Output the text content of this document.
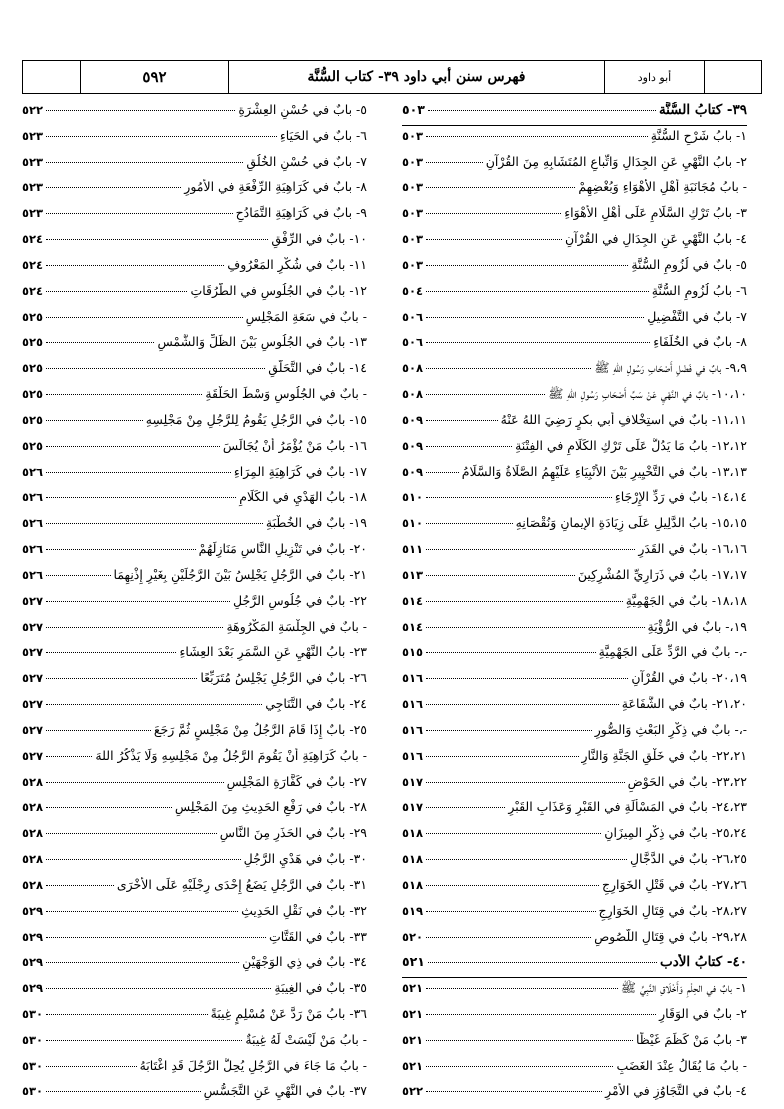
٥٩٢	فهرس سنن أبي داود ٣٩- كتاب السُّنَّة	أبو داود
٣٩- كتابُ السُّنَّة
٥٠٣
١- بابُ شَرْحِ السُّنَّةِ
٥٠٣
٢- بابُ النَّهْيِ عَنِ الجِدَالِ وَاتِّباعِ المُتَشَابِهِ مِنَ القُرْآنِ
٥٠٣
- بابُ مُجَانَبَةِ أَهْلِ الأَهْوَاءِ وَبُغْضِهِمْ
٥٠٣
٣- بابُ تَرْكِ السَّلَامِ عَلَى أَهْلِ الأَهْوَاءِ
٥٠٣
٤- بابُ النَّهْيِ عَنِ الجِدَالِ في القُرْآنِ
٥٠٣
٥- بابٌ في لُزُومِ السُّنَّةِ
٥٠٣
٦- بابُ لُزُومِ السُّنَّةِ
٥٠٤
٧- بابٌ في التَّفْضِيلِ
٥٠٦
٨- بابٌ في الخُلَفَاءِ
٥٠٦
٩،٩- بابٌ في فَضْلِ أَصْحَابِ رَسُولِ اللهِ ﷺ
٥٠٨
١٠،١٠- بابٌ في النَّهْيِ عَنْ سَبِّ أَصْحَابِ رَسُولِ اللهِ ﷺ
٥٠٨
١١،١١- بابٌ في استِخْلافِ أبي بكرٍ رَضِيَ اللهُ عَنْهُ
٥٠٩
١٢،١٢- بابُ مَا يَدُلُّ عَلَى تَرْكِ الكَلَامِ في الفِتْنَةِ
٥٠٩
١٣،١٣- بابٌ في التَّخْيِيرِ بَيْنَ الأَنْبِيَاءِ عَلَيْهِمُ الصَّلَاةُ وَالسَّلَامُ
٥٠٩
١٤،١٤- بابٌ في رَدِّ الإِرْجَاءِ
٥١٠
١٥،١٥- بابُ الدَّلِيلِ عَلَى زِيَادَةِ الإيمانِ وَنُقْصَانِهِ
٥١٠
١٦،١٦- بابٌ في القَدَرِ
٥١١
١٧،١٧- بابٌ في ذَرَارِيِّ المُشْرِكِينَ
٥١٣
١٨،١٨- بابٌ في الجَهْمِيَّةِ
٥١٤
١٩،- بابٌ في الرُّؤْيَةِ
٥١٤
-،- بابٌ في الرَّدِّ عَلَى الجَهْمِيَّةِ
٥١٥
٢٠،١٩- بابٌ في القُرْآنِ
٥١٦
٢١،٢٠- بابٌ في الشَّفَاعَةِ
٥١٦
-،- بابٌ في ذِكْرِ البَعْثِ وَالصُّورِ
٥١٦
٢٢،٢١- بابٌ في خَلْقِ الجَنَّةِ وَالنَّارِ
٥١٦
٢٣،٢٢- بابٌ في الحَوْضِ
٥١٧
٢٤،٢٣- بابٌ في المَسْأَلَةِ في القَبْرِ وَعَذَابِ القَبْرِ
٥١٧
٢٥،٢٤- بابٌ في ذِكْرِ المِيزَانِ
٥١٨
٢٦،٢٥- بابٌ في الدَّجَّالِ
٥١٨
٢٧،٢٦- بابٌ في قَتْلِ الخَوَارِجِ
٥١٨
٢٨،٢٧- بابٌ في قِتَالِ الخَوَارِجِ
٥١٩
٢٩،٢٨- بابٌ في قِتَالِ اللُّصُوصِ
٥٢٠
٤٠- كتابُ الأدب
٥٢١
١- بابٌ في الحِلْمِ وَأَخْلَاقِ النَّبِيِّ ﷺ
٥٢١
٢- بابٌ في الوَقَارِ
٥٢١
٣- بابُ مَنْ كَظَمَ غَيْظًا
٥٢١
- بابُ مَا يُقَالُ عِنْدَ الغَضَبِ
٥٢١
٤- بابٌ في التَّجَاوُزِ في الأَمْرِ
٥٢٢
٥- بابٌ في حُسْنِ العِشْرَةِ
٥٢٢
٦- بابٌ في الحَيَاءِ
٥٢٣
٧- بابٌ في حُسْنِ الخُلُقِ
٥٢٣
٨- بابٌ في كَرَاهِيَةِ الرِّفْعَةِ في الأُمُورِ
٥٢٣
٩- بابٌ في كَرَاهِيَةِ التَّمَادُحِ
٥٢٣
١٠- بابٌ في الرِّفْقِ
٥٢٤
١١- بابٌ في شُكْرِ المَعْرُوفِ
٥٢٤
١٢- بابٌ في الجُلُوسِ في الطُّرُقَاتِ
٥٢٤
- بابٌ في سَعَةِ المَجْلِسِ
٥٢٥
١٣- بابٌ في الجُلُوسِ بَيْنَ الظِّلِّ وَالشَّمْسِ
٥٢٥
١٤- بابٌ في التَّحَلُّقِ
٥٢٥
- بابٌ في الجُلُوسِ وَسْطَ الحَلْقَةِ
٥٢٥
١٥- بابٌ في الرَّجُلِ يَقُومُ لِلرَّجُلِ مِنْ مَجْلِسِهِ
٥٢٥
١٦- بابُ مَنْ يُؤْمَرُ أَنْ يُجَالَسَ
٥٢٥
١٧- بابٌ في كَرَاهِيَةِ المِرَاءِ
٥٢٦
١٨- بابُ الهَدْيِ في الكَلَامِ
٥٢٦
١٩- بابٌ في الخُطْبَةِ
٥٢٦
٢٠- بابٌ في تَنْزِيلِ النَّاسِ مَنَازِلَهُمْ
٥٢٦
٢١- بابٌ في الرَّجُلِ يَجْلِسُ بَيْنَ الرَّجُلَيْنِ بِغَيْرِ إِذْنِهِمَا
٥٢٦
٢٢- بابٌ في جُلُوسِ الرَّجُلِ
٥٢٧
- بابٌ في الجِلْسَةِ المَكْرُوهَةِ
٥٢٧
٢٣- بابُ النَّهْيِ عَنِ السَّمَرِ بَعْدَ العِشَاءِ
٥٢٧
٢٦- بابٌ في الرَّجُلِ يَجْلِسُ مُتَرَبِّعًا
٥٢٧
٢٤- بابٌ في التَّنَاجِي
٥٢٧
٢٥- بابٌ إِذَا قَامَ الرَّجُلُ مِنْ مَجْلِسٍ ثُمَّ رَجَعَ
٥٢٧
- بابُ كَرَاهِيَةِ أَنْ يَقُومَ الرَّجُلُ مِنْ مَجْلِسِهِ وَلَا يَذْكُرُ اللهَ
٥٢٧
٢٧- بابٌ في كَفَّارَةِ المَجْلِسِ
٥٢٨
٢٨- بابٌ في رَفْعِ الحَدِيثِ مِنَ المَجْلِسِ
٥٢٨
٢٩- بابٌ في الحَذَرِ مِنَ النَّاسِ
٥٢٨
٣٠- بابٌ في هَدْيِ الرَّجُلِ
٥٢٨
٣١- بابٌ في الرَّجُلِ يَضَعُ إِحْدَى رِجْلَيْهِ عَلَى الأُخْرَى
٥٢٨
٣٢- بابٌ في نَقْلِ الحَدِيثِ
٥٢٩
٣٣- بابٌ في القَتَّاتِ
٥٢٩
٣٤- بابٌ في ذِي الوَجْهَيْنِ
٥٢٩
٣٥- بابٌ في الغِيبَةِ
٥٢٩
٣٦- بابُ مَنْ رَدَّ عَنْ مُسْلِمٍ غِيبَةً
٥٣٠
- بابُ مَنْ لَيْسَتْ لَهُ غِيبَةٌ
٥٣٠
- بابُ مَا جَاءَ في الرَّجُلِ يُحِلُّ الرَّجُلَ قَدِ اغْتَابَهُ
٥٣٠
٣٧- بابٌ في النَّهْيِ عَنِ التَّجَسُّسِ
٥٣٠
